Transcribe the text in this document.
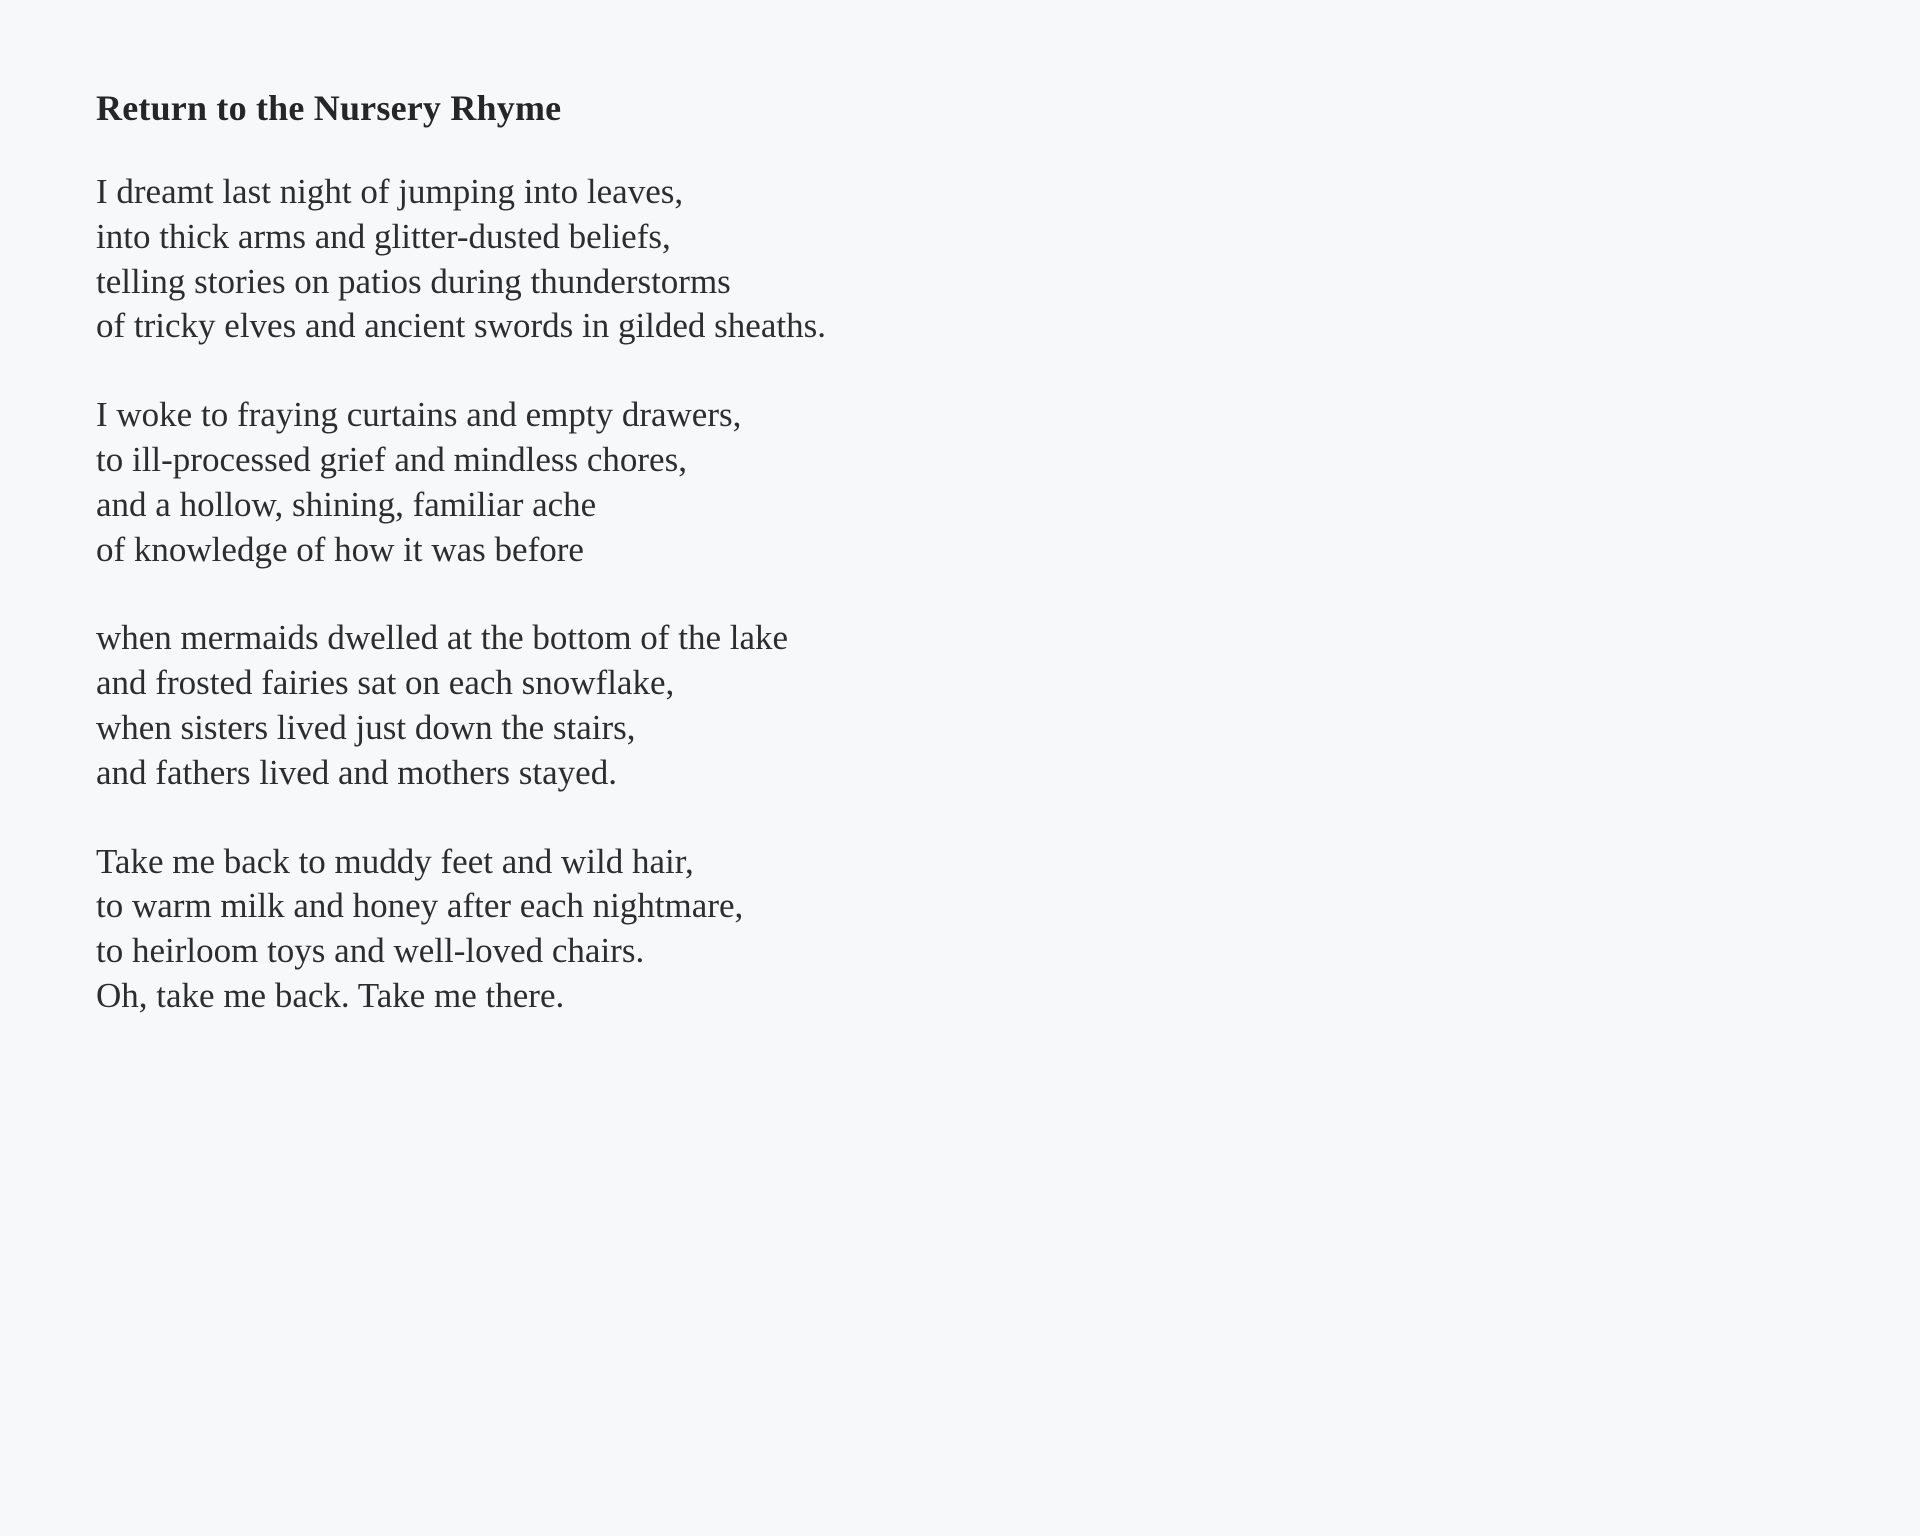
Return to the Nursery Rhyme
I dreamt last night of jumping into leaves,
into thick arms and glitter-dusted beliefs,
telling stories on patios during thunderstorms
of tricky elves and ancient swords in gilded sheaths.
I woke to fraying curtains and empty drawers,
to ill-processed grief and mindless chores,
and a hollow, shining, familiar ache
of knowledge of how it was before
when mermaids dwelled at the bottom of the lake
and frosted fairies sat on each snowflake,
when sisters lived just down the stairs,
and fathers lived and mothers stayed.
Take me back to muddy feet and wild hair,
to warm milk and honey after each nightmare,
to heirloom toys and well-loved chairs.
Oh, take me back. Take me there.
